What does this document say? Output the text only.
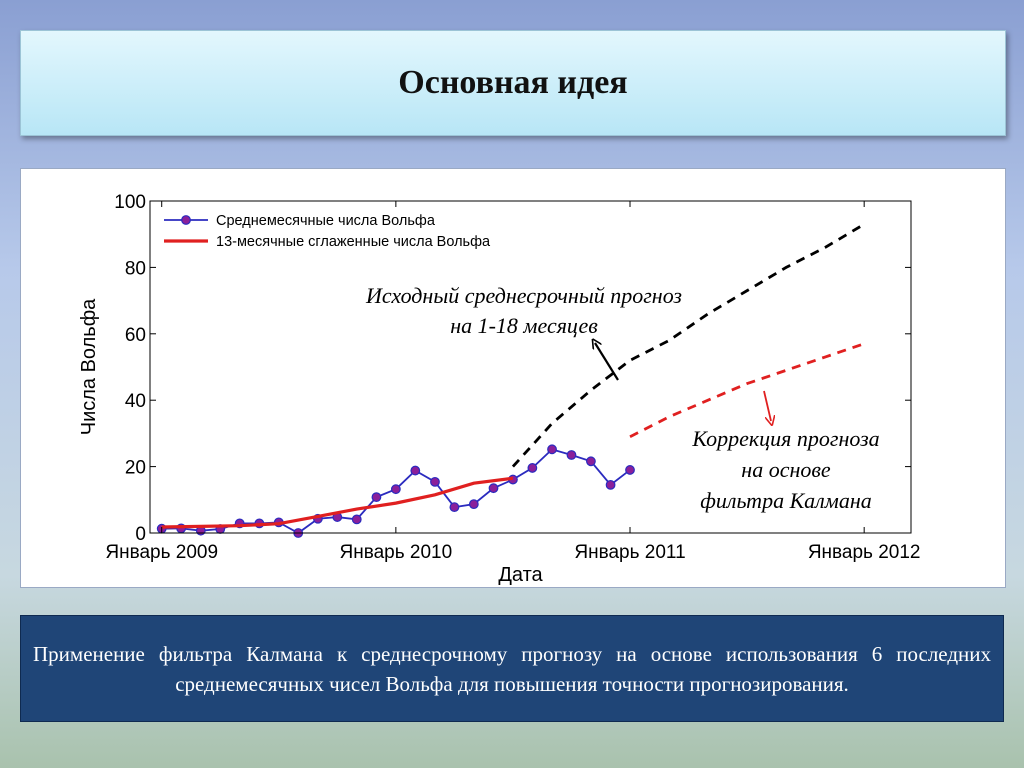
Основная идея
0
20
40
60
80
100
Январь 2009	Январь 2010	Январь 2011	Январь 2012
Дата
Числа Вольфа
Среднемесячные числа Вольфа
13-месячные сглаженные числа Вольфа
Исходный среднесрочный прогноз
на 1-18 месяцев
Коррекция прогноза
на основе
фильтра Калмана

Применение фильтра Калмана к среднесрочному прогнозу на основе использования 6 последних среднемесячных чисел Вольфа для повышения точности прогнозирования.
